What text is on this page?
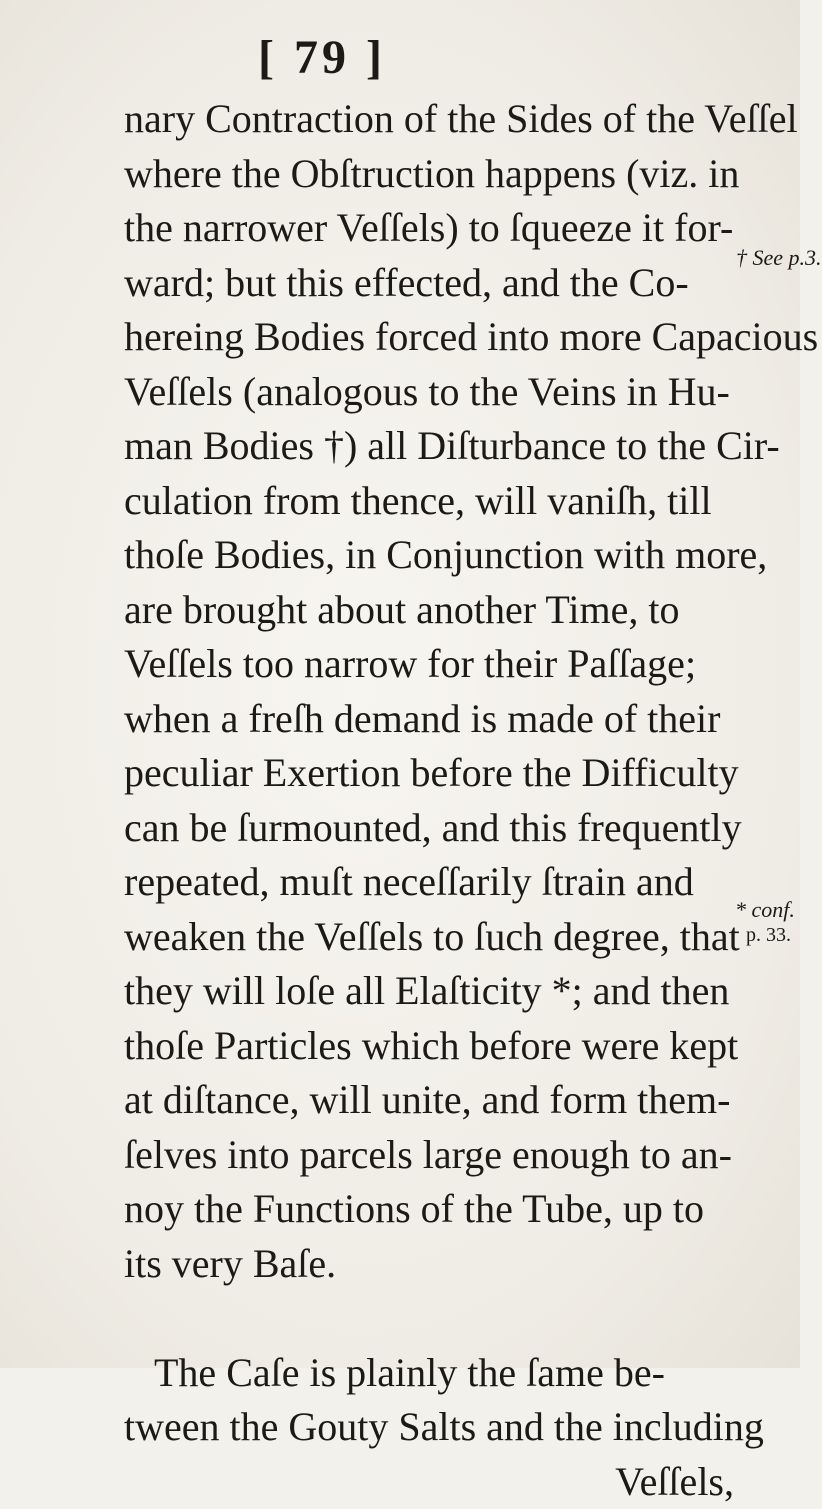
[ 79 ]
nary Contraction of the Sides of the Veſſel
where the Obſtruction happens (viz. in
the narrower Veſſels) to ſqueeze it for-
ward; but this effected, and the Co-
hereing Bodies forced into more Capacious
Veſſels (analogous to the Veins in Hu-
man Bodies †) all Diſturbance to the Cir-
culation from thence, will vaniſh, till
thoſe Bodies, in Conjunction with more,
are brought about another Time, to
Veſſels too narrow for their Paſſage;
when a freſh demand is made of their
peculiar Exertion before the Difficulty
can be ſurmounted, and this frequently
repeated, muſt neceſſarily ſtrain and
weaken the Veſſels to ſuch degree, that
they will loſe all Elaſticity *; and then
thoſe Particles which before were kept
at diſtance, will unite, and form them-
ſelves into parcels large enough to an-
noy the Functions of the Tube, up to
its very Baſe.
The Caſe is plainly the ſame be-
tween the Gouty Salts and the including
Veſſels,
† See p.3.
* conf.
p. 33.
